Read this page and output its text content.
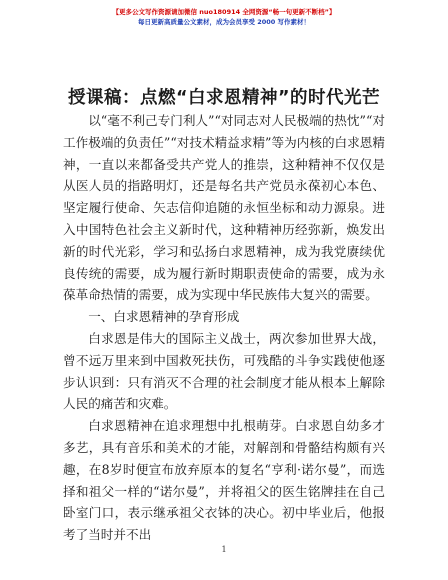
【更多公文写作资源请加微信 nuo180914 全网资源“畅一句更新不断档”】
每日更新高质量公文素材，成为会员享受 2000 写作素材！
授课稿：点燃“白求恩精神”的时代光芒

以“毫不利己专门利人”“对同志对人民极端的热忱”“对工作极端的负责任”“对技术精益求精”等为内核的白求恩精神，一直以来都备受共产党人的推崇，这种精神不仅仅是从医人员的指路明灯，还是每名共产党员永葆初心本色、坚定履行使命、矢志信仰追随的永恒坐标和动力源泉。进入中国特色社会主义新时代，这种精神历经弥新，焕发出新的时代光彩，学习和弘扬白求恩精神，成为我党赓续优良传统的需要，成为履行新时期职责使命的需要，成为永葆革命热情的需要，成为实现中华民族伟大复兴的需要。

一、白求恩精神的孕育形成

白求恩是伟大的国际主义战士，两次参加世界大战，曾不远万里来到中国救死扶伤，可残酷的斗争实践使他逐步认识到：只有消灭不合理的社会制度才能从根本上解除人民的痛苦和灾难。

白求恩精神在追求理想中扎根萌芽。白求恩自幼多才多艺，具有音乐和美术的才能，对解剖和骨骼结构颇有兴趣，在8岁时便宣布放弃原本的复名“亨利·诺尔曼”，而选择和祖父一样的“诺尔曼”，并将祖父的医生铭牌挂在自己卧室门口，表示继承祖父衣钵的决心。初中毕业后，他报考了当时并不出

1
